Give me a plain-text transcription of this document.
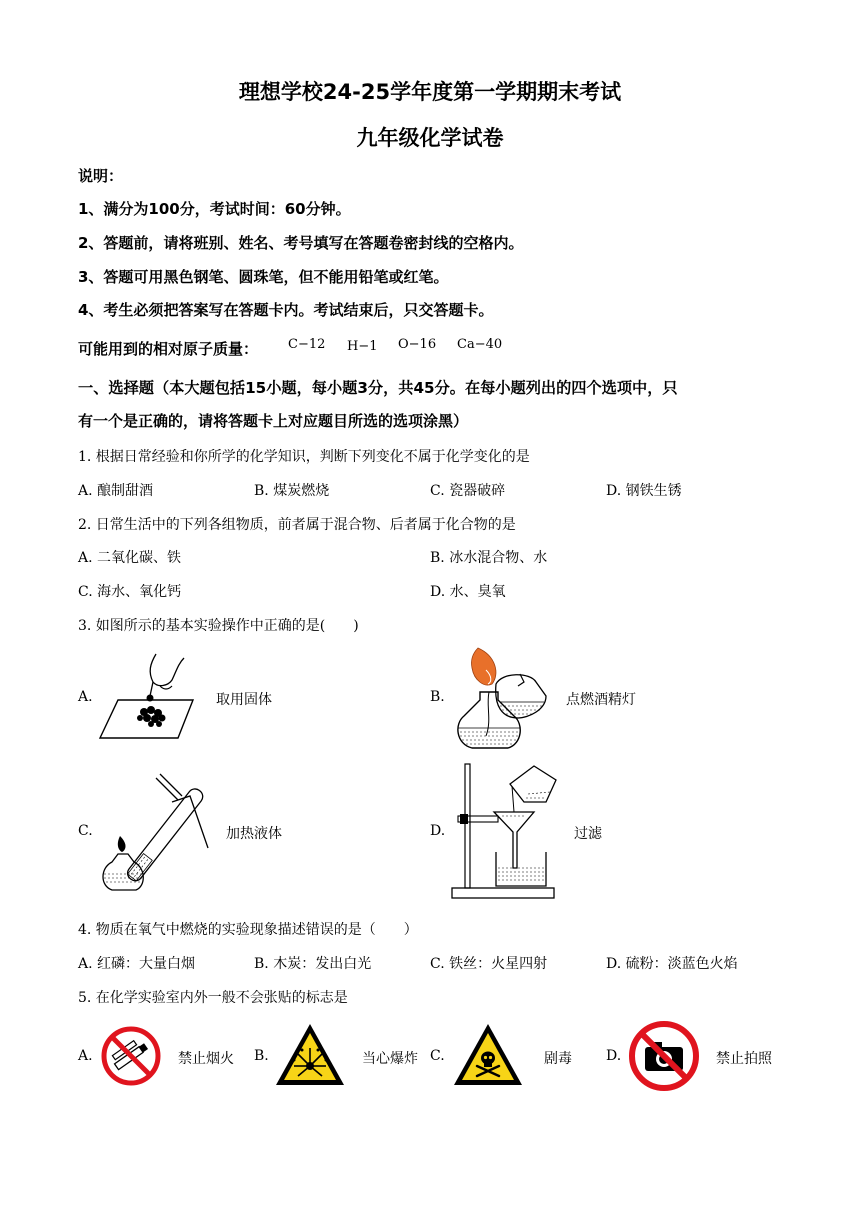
理想学校24-25学年度第一学期期末考试
九年级化学试卷
说明：
1、满分为100分，考试时间：60分钟。
2、答题前，请将班别、姓名、考号填写在答题卷密封线的空格内。
3、答题可用黑色钢笔、圆珠笔，但不能用铅笔或红笔。
4、考生必须把答案写在答题卡内。考试结束后，只交答题卡。
可能用到的相对原子质量： C−12 H−1 O−16 Ca−40
一、选择题（本大题包括15小题，每小题3分，共45分。在每小题列出的四个选项中，只
有一个是正确的，请将答题卡上对应题目所选的选项涂黑）
1. 根据日常经验和你所学的化学知识，判断下列变化不属于化学变化的是
A. 酿制甜酒	B. 煤炭燃烧	C. 瓷器破碎	D. 钢铁生锈
2. 日常生活中的下列各组物质，前者属于混合物、后者属于化合物的是
A. 二氧化碳、铁	B. 冰水混合物、水
C. 海水、氧化钙	D. 水、臭氧
3. 如图所示的基本实验操作中正确的是(　　)
A.	取用固体	B.	点燃酒精灯
C.	加热液体	D.	过滤
4. 物质在氧气中燃烧的实验现象描述错误的是（　　）
A. 红磷：大量白烟	B. 木炭：发出白光	C. 铁丝：火星四射	D. 硫粉：淡蓝色火焰
5. 在化学实验室内外一般不会张贴的标志是
A.	禁止烟火 B.	当心爆炸 C.	剧毒 D.	禁止拍照
